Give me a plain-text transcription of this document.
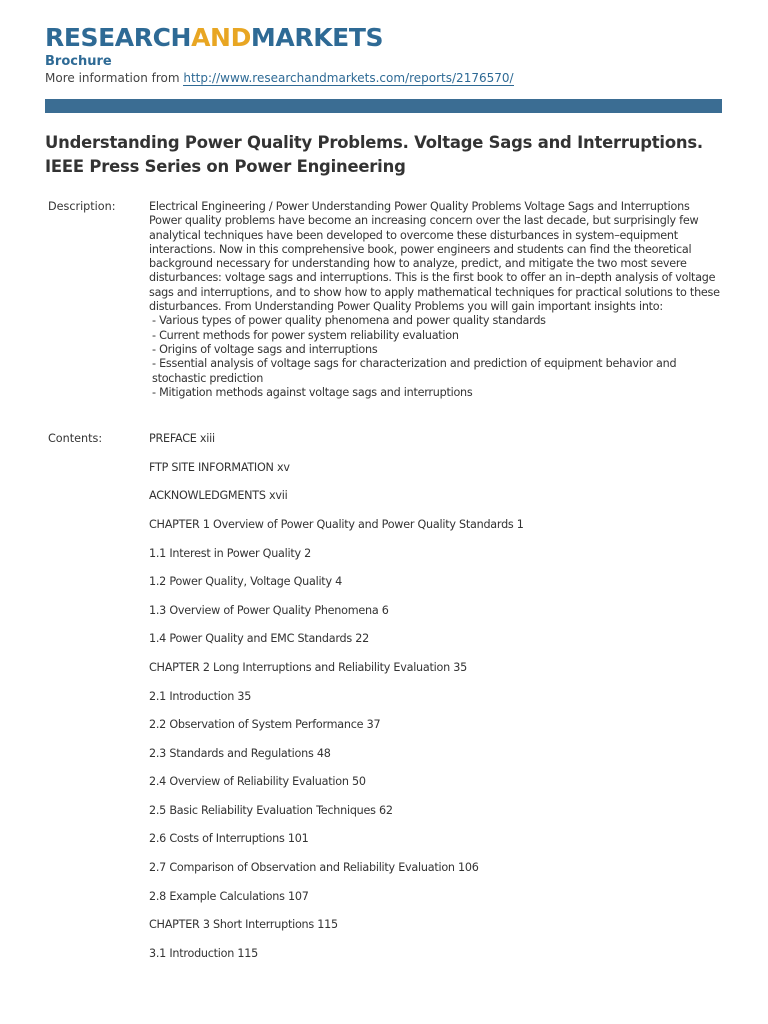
RESEARCHANDMARKETS
Brochure
More information from http://www.researchandmarkets.com/reports/2176570/
Understanding Power Quality Problems. Voltage Sags and Interruptions. IEEE Press Series on Power Engineering
Description:	Electrical Engineering / Power Understanding Power Quality Problems Voltage Sags and Interruptions Power quality problems have become an increasing concern over the last decade, but surprisingly few analytical techniques have been developed to overcome these disturbances in system–equipment interactions. Now in this comprehensive book, power engineers and students can find the theoretical background necessary for understanding how to analyze, predict, and mitigate the two most severe disturbances: voltage sags and interruptions. This is the first book to offer an in–depth analysis of voltage sags and interruptions, and to show how to apply mathematical techniques for practical solutions to these disturbances. From Understanding Power Quality Problems you will gain important insights into:
- Various types of power quality phenomena and power quality standards
- Current methods for power system reliability evaluation
- Origins of voltage sags and interruptions
- Essential analysis of voltage sags for characterization and prediction of equipment behavior and stochastic prediction
- Mitigation methods against voltage sags and interruptions
Contents:	PREFACE xiii
FTP SITE INFORMATION xv
ACKNOWLEDGMENTS xvii
CHAPTER 1 Overview of Power Quality and Power Quality Standards 1
1.1 Interest in Power Quality 2
1.2 Power Quality, Voltage Quality 4
1.3 Overview of Power Quality Phenomena 6
1.4 Power Quality and EMC Standards 22
CHAPTER 2 Long Interruptions and Reliability Evaluation 35
2.1 Introduction 35
2.2 Observation of System Performance 37
2.3 Standards and Regulations 48
2.4 Overview of Reliability Evaluation 50
2.5 Basic Reliability Evaluation Techniques 62
2.6 Costs of Interruptions 101
2.7 Comparison of Observation and Reliability Evaluation 106
2.8 Example Calculations 107
CHAPTER 3 Short Interruptions 115
3.1 Introduction 115
